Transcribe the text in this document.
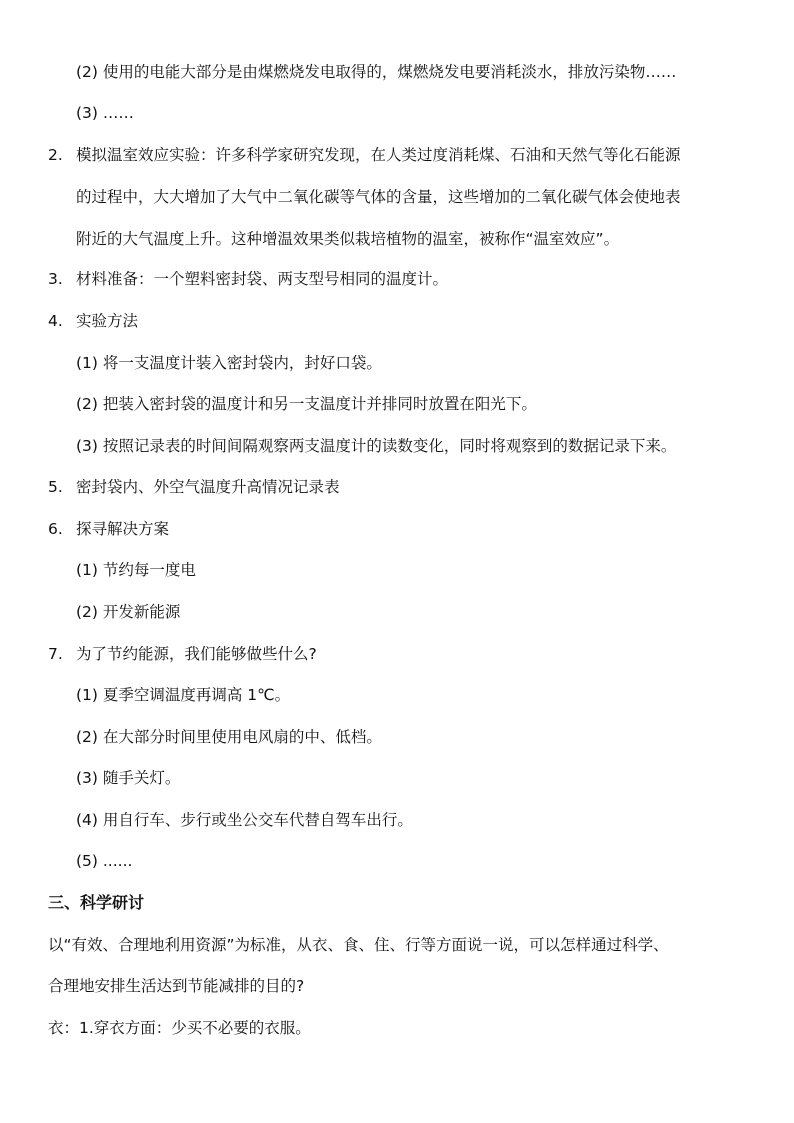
(2) 使用的电能大部分是由煤燃烧发电取得的，煤燃烧发电要消耗淡水，排放污染物……
(3) ……
2. 模拟温室效应实验：许多科学家研究发现，在人类过度消耗煤、石油和天然气等化石能源
的过程中，大大增加了大气中二氧化碳等气体的含量，这些增加的二氧化碳气体会使地表
附近的大气温度上升。这种增温效果类似栽培植物的温室，被称作“温室效应”。
3. 材料准备：一个塑料密封袋、两支型号相同的温度计。
4. 实验方法
(1) 将一支温度计装入密封袋内，封好口袋。
(2) 把装入密封袋的温度计和另一支温度计并排同时放置在阳光下。
(3) 按照记录表的时间间隔观察两支温度计的读数变化，同时将观察到的数据记录下来。
5. 密封袋内、外空气温度升高情况记录表
6. 探寻解决方案
(1) 节约每一度电
(2) 开发新能源
7. 为了节约能源，我们能够做些什么?
(1) 夏季空调温度再调高 1℃。
(2) 在大部分时间里使用电风扇的中、低档。
(3) 随手关灯。
(4) 用自行车、步行或坐公交车代替自驾车出行。
(5) ......
三、科学研讨
以“有效、合理地利用资源”为标准，从衣、食、住、行等方面说一说，可以怎样通过科学、
合理地安排生活达到节能减排的目的?
衣：1.穿衣方面：少买不必要的衣服。
